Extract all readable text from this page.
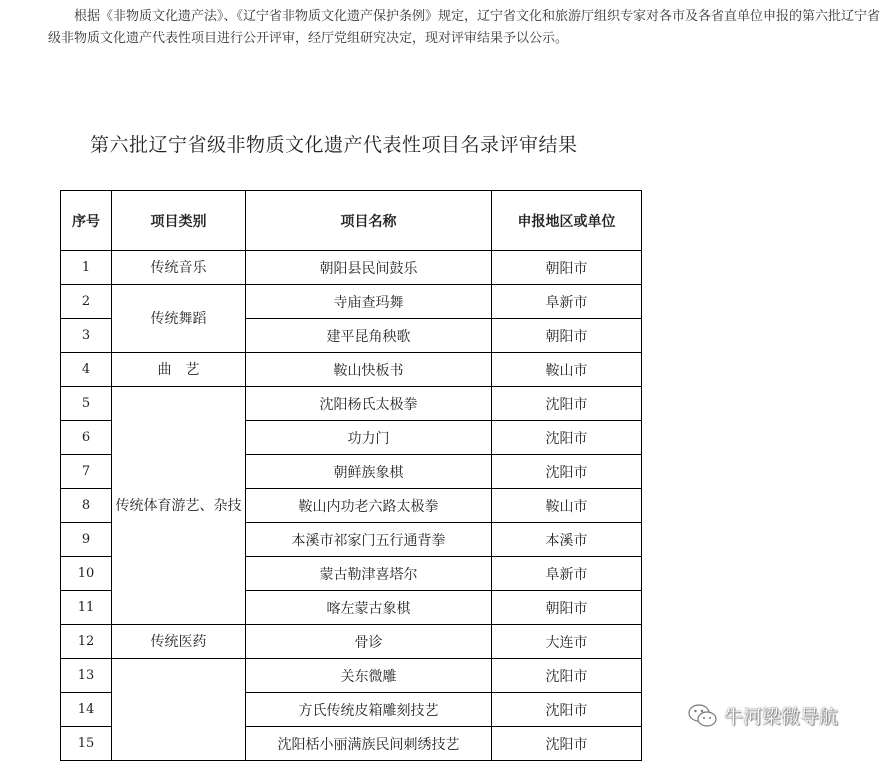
根据《非物质文化遗产法》、《辽宁省非物质文化遗产保护条例》规定，辽宁省文化和旅游厅组织专家对各市及各省直单位申报的第六批辽宁省级非物质文化遗产代表性项目进行公开评审，经厅党组研究决定，现对评审结果予以公示。

第六批辽宁省级非物质文化遗产代表性项目名录评审结果
序号	项目类别	项目名称	申报地区或单位
1	传统音乐	朝阳县民间鼓乐	朝阳市
2	传统舞蹈	寺庙查玛舞	阜新市
3		建平昆角秧歌	朝阳市
4	曲　艺	鞍山快板书	鞍山市
5	传统体育游艺、杂技	沈阳杨氏太极拳	沈阳市
6		功力门	沈阳市
7		朝鲜族象棋	沈阳市
8		鞍山内功老六路太极拳	鞍山市
9		本溪市祁家门五行通背拳	本溪市
10		蒙古勒津喜塔尔	阜新市
11		喀左蒙古象棋	朝阳市
12	传统医药	骨诊	大连市
13		关东微雕	沈阳市
14		方氏传统皮箱雕刻技艺	沈阳市
15		沈阳栝小丽满族民间刺绣技艺	沈阳市
牛河梁微导航
